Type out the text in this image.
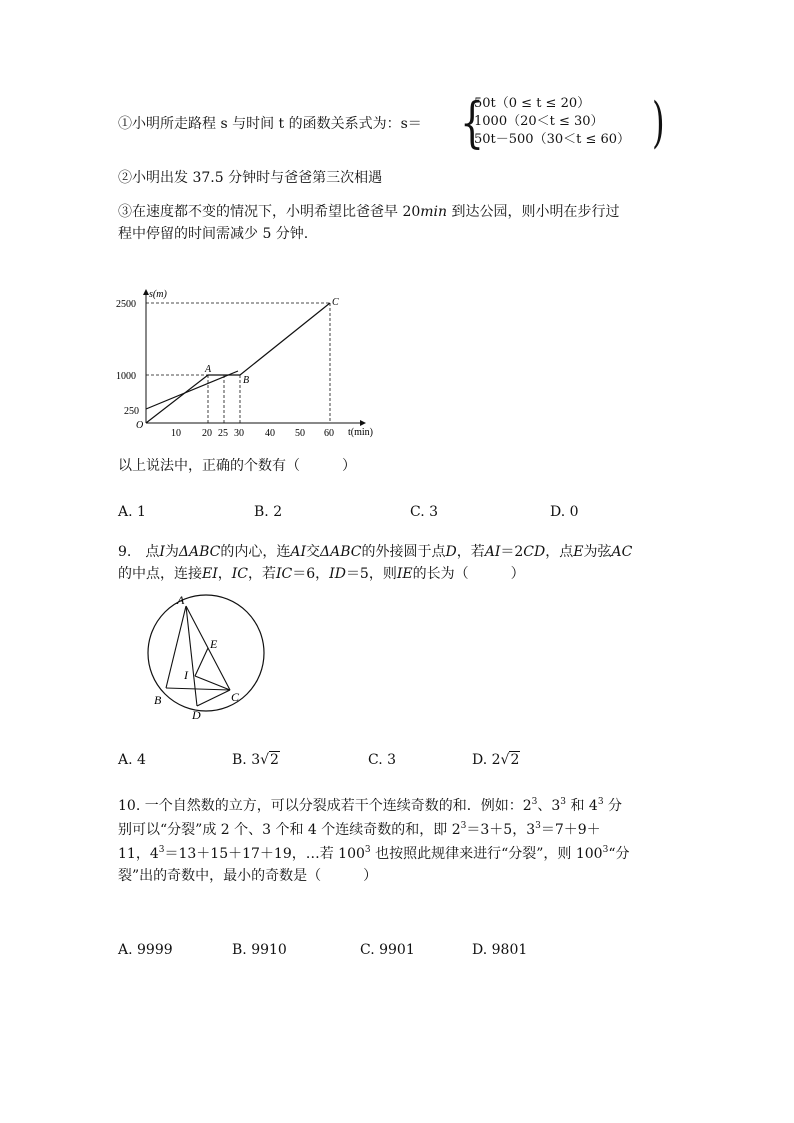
①小明所走路程 s 与时间 t 的函数关系式为：s＝ {
50t（0 ≤ t ≤ 20）
1000（20＜t ≤ 30）
50t－500（30＜t ≤ 60） )
②小明出发 37.5 分钟时与爸爸第三次相遇
③在速度都不变的情况下，小明希望比爸爸早 20min 到达公园，则小明在步行过
程中停留的时间需减少 5 分钟.
s(m)
t(min)
O
2500
1000
250
10 20 25 30 40 50 60
A
B
C
以上说法中，正确的个数有（　　　）
A. 1	B. 2	C. 3	D. 0
9.　点I为ΔABC的内心，连AI交ΔABC的外接圆于点D，若AI＝2CD，点E为弦AC
的中点，连接EI，IC，若IC＝6，ID＝5，则IE的长为（　　　）
A
B	C
D
E
I
A. 4	B. 3√2	C. 3	D. 2√2
10. 一个自然数的立方，可以分裂成若干个连续奇数的和．例如：$2^3$、$3^3$ 和 $4^3$ 分
别可以“分裂”成 2 个、3 个和 4 个连续奇数的和，即 $2^3=3+5$，$3^3=7+9+$
11，$4^3=13+15+17+19$，…若 $100^3$ 也按照此规律来进行“分裂”，则 $100^3“$分
裂”出的奇数中，最小的奇数是（　　　）
A. 9999	B. 9910	C. 9901	D. 9801
